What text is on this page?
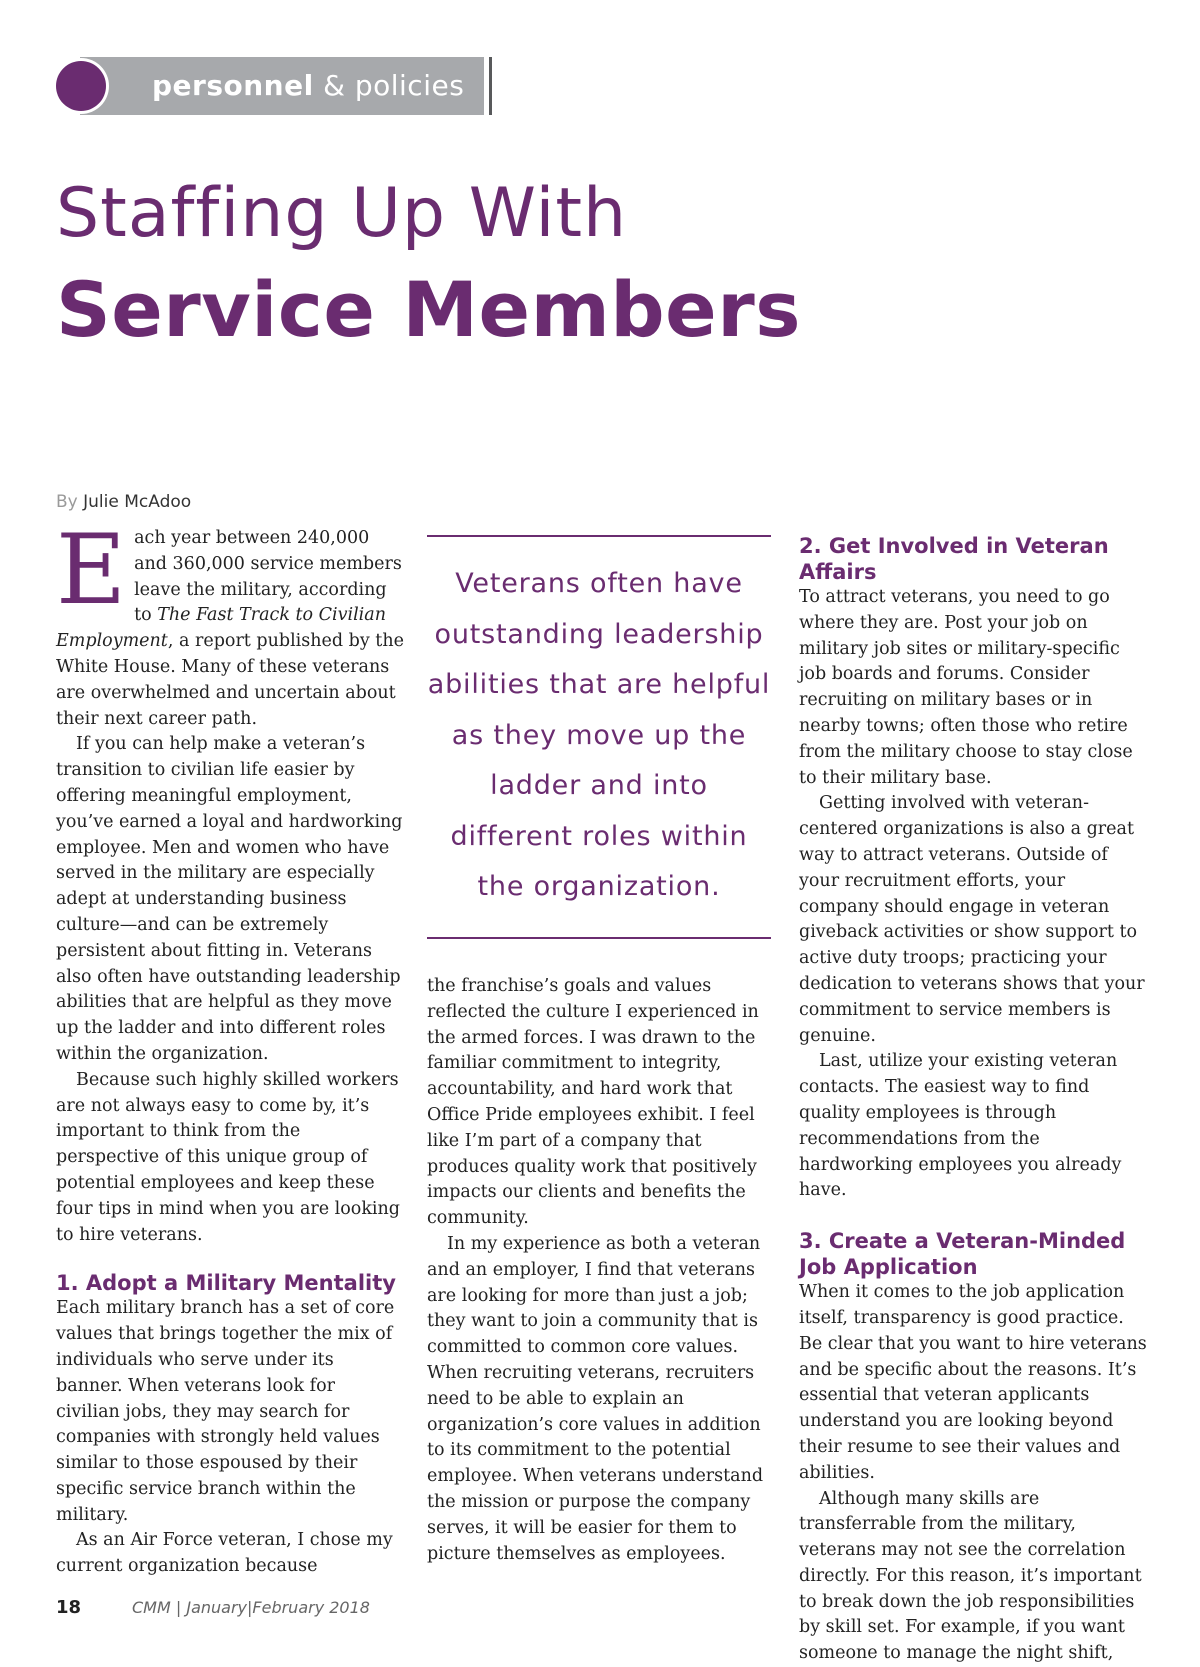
personnel & policies
Staffing Up With
Service Members
By Julie McAdoo

Each year between 240,000 and 360,000 service members leave the military, according to The Fast Track to Civilian Employment, a report published by the White House. Many of these veterans are overwhelmed and uncertain about their next career path.

If you can help make a veteran’s transition to civilian life easier by offering meaningful employment, you’ve earned a loyal and hardworking employee. Men and women who have served in the military are especially adept at understanding business culture—and can be extremely persistent about fitting in. Veterans also often have outstanding leadership abilities that are helpful as they move up the ladder and into different roles within the organization.

Because such highly skilled workers are not always easy to come by, it’s important to think from the perspective of this unique group of potential employees and keep these four tips in mind when you are looking to hire veterans.

1. Adopt a Military Mentality

Each military branch has a set of core values that brings together the mix of individuals who serve under its banner. When veterans look for civilian jobs, they may search for companies with strongly held values similar to those espoused by their specific service branch within the military.

As an Air Force veteran, I chose my current organization because

Veterans often have outstanding leadership abilities that are helpful as they move up the ladder and into different roles within the organization.

the franchise’s goals and values reflected the culture I experienced in the armed forces. I was drawn to the familiar commitment to integrity, accountability, and hard work that Office Pride employees exhibit. I feel like I’m part of a company that produces quality work that positively impacts our clients and benefits the community.

In my experience as both a veteran and an employer, I find that veterans are looking for more than just a job; they want to join a community that is committed to common core values. When recruiting veterans, recruiters need to be able to explain an organization’s core values in addition to its commitment to the potential employee. When veterans understand the mission or purpose the company serves, it will be easier for them to picture themselves as employees.

2. Get Involved in Veteran Affairs

To attract veterans, you need to go where they are. Post your job on military job sites or military-specific job boards and forums. Consider recruiting on military bases or in nearby towns; often those who retire from the military choose to stay close to their military base.

Getting involved with veteran-centered organizations is also a great way to attract veterans. Outside of your recruitment efforts, your company should engage in veteran giveback activities or show support to active duty troops; practicing your dedication to veterans shows that your commitment to service members is genuine.

Last, utilize your existing veteran contacts. The easiest way to find quality employees is through recommendations from the hardworking employees you already have.

3. Create a Veteran-Minded Job Application

When it comes to the job application itself, transparency is good practice. Be clear that you want to hire veterans and be specific about the reasons. It’s essential that veteran applicants understand you are looking beyond their resume to see their values and abilities.

Although many skills are transferrable from the military, veterans may not see the correlation directly. For this reason, it’s important to break down the job responsibilities by skill set. For example, if you want someone to manage the night shift,

18	CMM | January|February 2018
